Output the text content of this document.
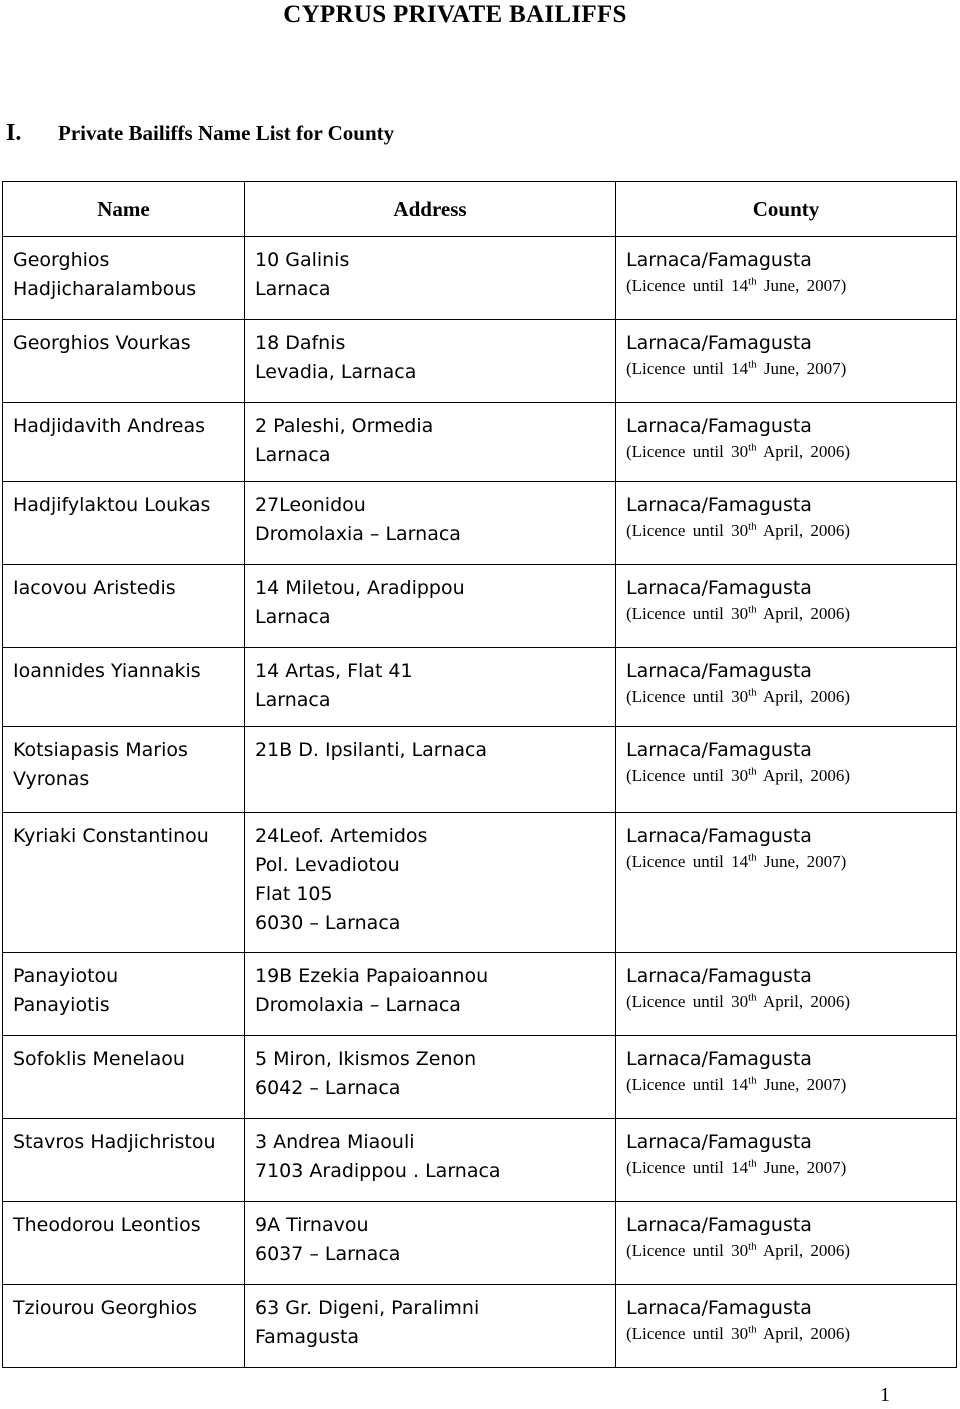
CYPRUS PRIVATE BAILIFFS
I. Private Bailiffs Name List for County
Name	Address	County

Georghios
Hadjicharalambous	10 Galinis
Larnaca	Larnaca/Famagusta
(Licence until 14th June, 2007)

Georghios Vourkas	18 Dafnis
Levadia, Larnaca	Larnaca/Famagusta
(Licence until 14th June, 2007)

Hadjidavith Andreas	2 Paleshi, Ormedia
Larnaca	Larnaca/Famagusta
(Licence until 30th April, 2006)

Hadjifylaktou Loukas	27Leonidou
Dromolaxia – Larnaca	Larnaca/Famagusta
(Licence until 30th April, 2006)

Iacovou Aristedis	14 Miletou, Aradippou
Larnaca	Larnaca/Famagusta
(Licence until 30th April, 2006)

Ioannides Yiannakis	14 Artas, Flat 41
Larnaca	Larnaca/Famagusta
(Licence until 30th April, 2006)

Kotsiapasis Marios
Vyronas	21B D. Ipsilanti, Larnaca	Larnaca/Famagusta
(Licence until 30th April, 2006)

Kyriaki Constantinou	24Leof. Artemidos
Pol. Levadiotou
Flat 105
6030 – Larnaca	Larnaca/Famagusta
(Licence until 14th June, 2007)

Panayiotou
Panayiotis	19B Ezekia Papaioannou
Dromolaxia – Larnaca	Larnaca/Famagusta
(Licence until 30th April, 2006)

Sofoklis Menelaou	5 Miron, Ikismos Zenon
6042 – Larnaca	Larnaca/Famagusta
(Licence until 14th June, 2007)

Stavros Hadjichristou	3 Andrea Miaouli
7103 Aradippou . Larnaca	Larnaca/Famagusta
(Licence until 14th June, 2007)

Theodorou Leontios	9A Tirnavou
6037 – Larnaca	Larnaca/Famagusta
(Licence until 30th April, 2006)

Tziourou Georghios	63 Gr. Digeni, Paralimni
Famagusta	Larnaca/Famagusta
(Licence until 30th April, 2006)
1
